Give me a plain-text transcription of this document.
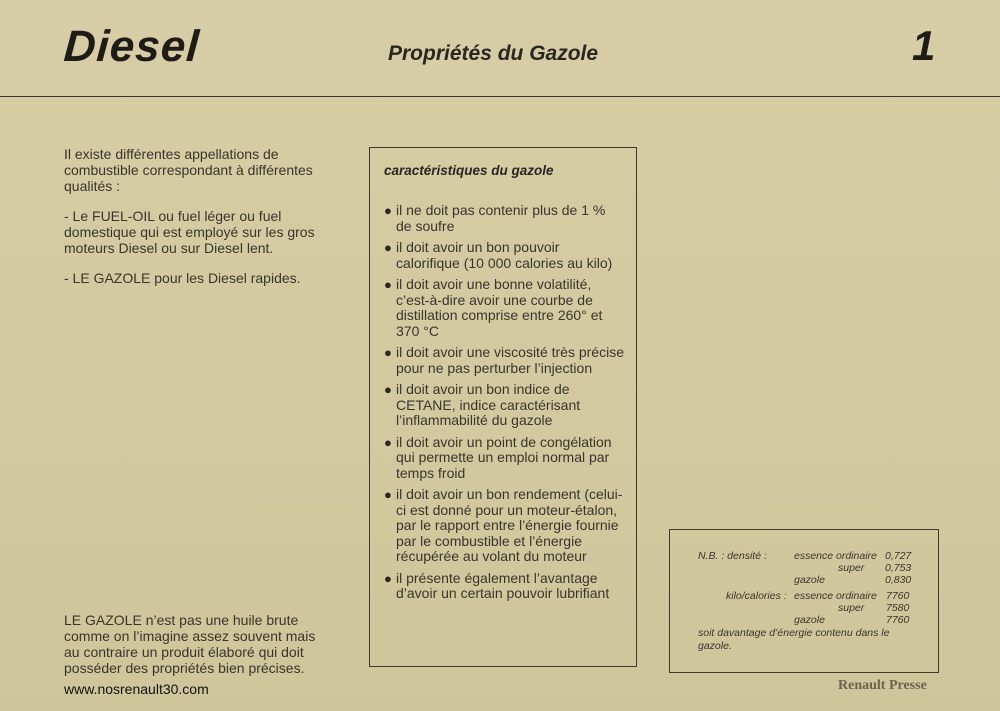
Diesel	Propriétés du Gazole	1

Il existe différentes appellations de combustible correspondant à différentes qualités :

- Le FUEL-OIL ou fuel léger ou fuel domestique qui est employé sur les gros moteurs Diesel ou sur Diesel lent.

- LE GAZOLE pour les Diesel rapides.

LE GAZOLE n’est pas une huile brute comme on l’imagine assez souvent mais au contraire un produit élaboré qui doit posséder des propriétés bien précises.
www.nosrenault30.com
caractéristiques du gazole
● il ne doit pas contenir plus de 1 % de soufre
● il doit avoir un bon pouvoir calorifique (10 000 calories au kilo)
● il doit avoir une bonne volatilité, c’est-à-dire avoir une courbe de distillation comprise entre 260° et 370 °C
● il doit avoir une viscosité très précise pour ne pas perturber l’injection
● il doit avoir un bon indice de CETANE, indice caractérisant l’inflammabilité du gazole
● il doit avoir un point de congélation qui permette un emploi normal par temps froid
● il doit avoir un bon rendement (celui-ci est donné pour un moteur-étalon, par le rapport entre l’énergie fournie par le combustible et l’énergie récupérée au volant du moteur
● il présente également l’avantage d’avoir un certain pouvoir lubrifiant
N.B. : densité :	essence ordinaire 0,727
super 0,753
gazole	0,830
kilo/calories : essence ordinaire 7760
super 7580
gazole	7760
soit davantage d’énergie contenu dans le gazole.
Renault Presse
